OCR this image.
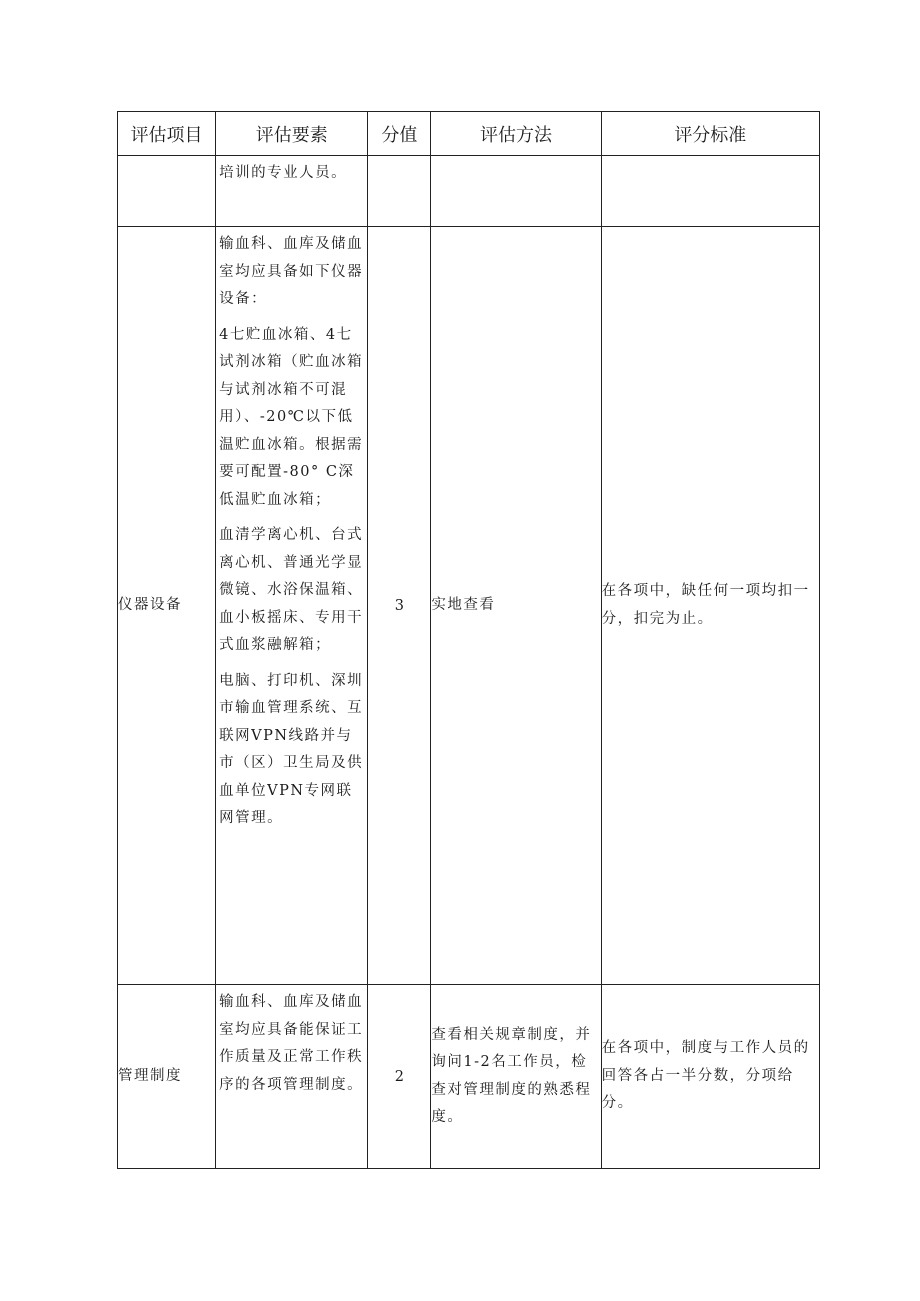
评估项目	评估要素	分值	评估方法	评分标准

	培训的专业人员。			

仪器设备	输血科、血库及储血室均应具备如下仪器设备：

4七贮血冰箱、4七试剂冰箱（贮血冰箱与试剂冰箱不可混用）、-20℃以下低温贮血冰箱。根据需要可配置-80° C深低温贮血冰箱；

血清学离心机、台式离心机、普通光学显微镜、水浴保温箱、血小板摇床、专用干式血浆融解箱；

电脑、打印机、深圳市输血管理系统、互联网VPN线路并与市（区）卫生局及供血单位VPN专网联网管理。	3	实地查看	在各项中，缺任何一项均扣一分，扣完为止。
管理制度	输血科、血库及储血室均应具备能保证工作质量及正常工作秩序的各项管理制度。	2	查看相关规章制度，并询问1-2名工作员，检查对管理制度的熟悉程度。	在各项中，制度与工作人员的回答各占一半分数，分项给分。
